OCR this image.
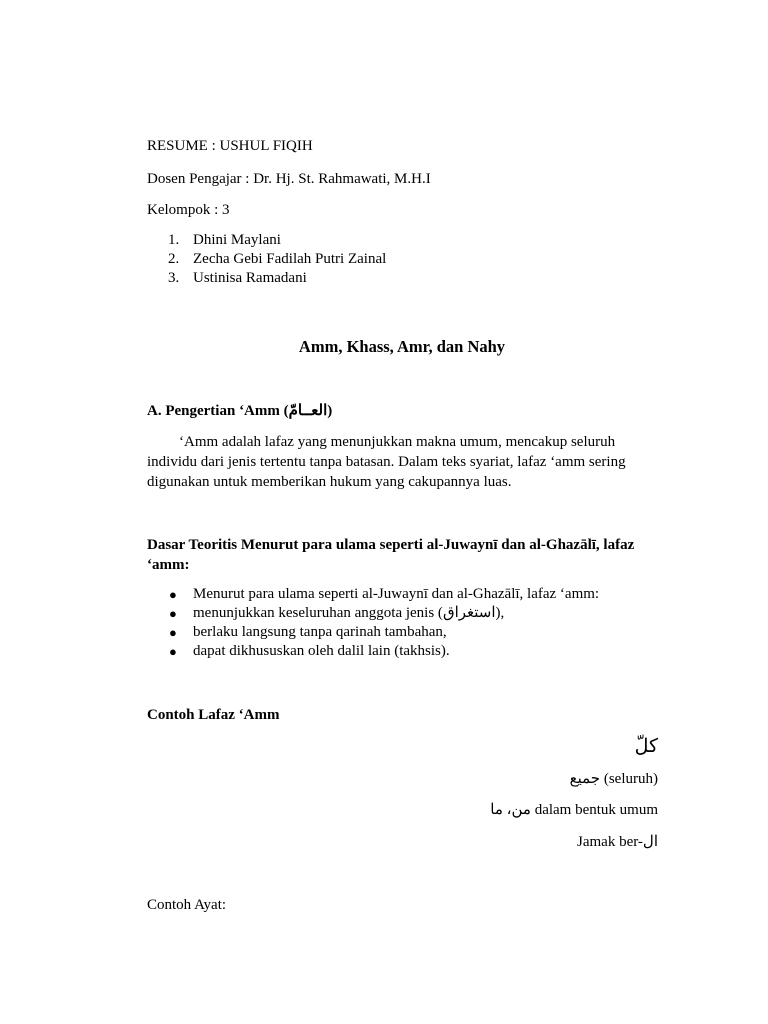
RESUME : USHUL FIQIH
Dosen Pengajar : Dr. Hj. St. Rahmawati, M.H.I
Kelompok : 3
1. Dhini Maylani
2. Zecha Gebi Fadilah Putri Zainal
3. Ustinisa Ramadani
Amm, Khass, Amr, dan Nahy
A. Pengertian ‘Amm (العــامّ)
‘Amm adalah lafaz yang menunjukkan makna umum, mencakup seluruh
individu dari jenis tertentu tanpa batasan. Dalam teks syariat, lafaz ‘amm sering
digunakan untuk memberikan hukum yang cakupannya luas.
Dasar Teoritis Menurut para ulama seperti al-Juwaynī dan al-Ghazālī, lafaz
‘amm:
● Menurut para ulama seperti al-Juwaynī dan al-Ghazālī, lafaz ‘amm:
● menunjukkan keseluruhan anggota jenis (استغراق),
● berlaku langsung tanpa qarinah tambahan,
● dapat dikhususkan oleh dalil lain (takhsis).
Contoh Lafaz ‘Amm
كلّ
جميع (seluruh)
من، ما dalam bentuk umum
Jamak ber-ال
Contoh Ayat:
